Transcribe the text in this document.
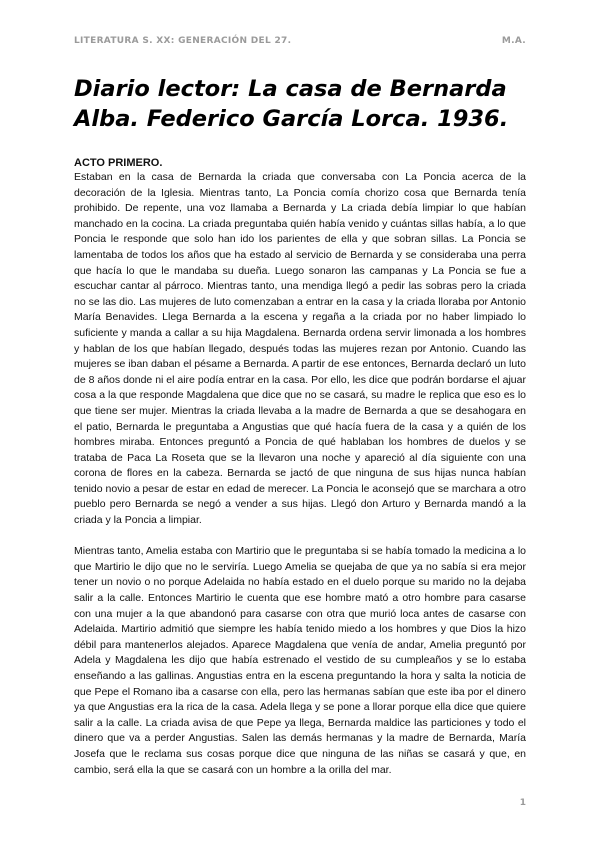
LITERATURA S. XX: GENERACIÓN DEL 27.	M.A.
Diario lector: La casa de Bernarda
Alba. Federico García Lorca. 1936.
ACTO PRIMERO.

Estaban en la casa de Bernarda la criada que conversaba con La Poncia acerca de la decoración de la Iglesia. Mientras tanto, La Poncia comía chorizo cosa que Bernarda tenía prohibido. De repente, una voz llamaba a Bernarda y La criada debía limpiar lo que habían manchado en la cocina. La criada preguntaba quién había venido y cuántas sillas había, a lo que Poncia le responde que solo han ido los parientes de ella y que sobran sillas. La Poncia se lamentaba de todos los años que ha estado al servicio de Bernarda y se consideraba una perra que hacía lo que le mandaba su dueña. Luego sonaron las campanas y La Poncia se fue a escuchar cantar al párroco. Mientras tanto, una mendiga llegó a pedir las sobras pero la criada no se las dio. Las mujeres de luto comenzaban a entrar en la casa y la criada lloraba por Antonio María Benavides. Llega Bernarda a la escena y regaña a la criada por no haber limpiado lo suficiente y manda a callar a su hija Magdalena. Bernarda ordena servir limonada a los hombres y hablan de los que habían llegado, después todas las mujeres rezan por Antonio. Cuando las mujeres se iban daban el pésame a Bernarda. A partir de ese entonces, Bernarda declaró un luto de 8 años donde ni el aire podía entrar en la casa. Por ello, les dice que podrán bordarse el ajuar cosa a la que responde Magdalena que dice que no se casará, su madre le replica que eso es lo que tiene ser mujer. Mientras la criada llevaba a la madre de Bernarda a que se desahogara en el patio, Bernarda le preguntaba a Angustias que qué hacía fuera de la casa y a quién de los hombres miraba. Entonces preguntó a Poncia de qué hablaban los hombres de duelos y se trataba de Paca La Roseta que se la llevaron una noche y apareció al día siguiente con una corona de flores en la cabeza. Bernarda se jactó de que ninguna de sus hijas nunca habían tenido novio a pesar de estar en edad de merecer. La Poncia le aconsejó que se marchara a otro pueblo pero Bernarda se negó a vender a sus hijas. Llegó don Arturo y Bernarda mandó a la criada y la Poncia a limpiar.

Mientras tanto, Amelia estaba con Martirio que le preguntaba si se había tomado la medicina a lo que Martirio le dijo que no le serviría. Luego Amelia se quejaba de que ya no sabía si era mejor tener un novio o no porque Adelaida no había estado en el duelo porque su marido no la dejaba salir a la calle. Entonces Martirio le cuenta que ese hombre mató a otro hombre para casarse con una mujer a la que abandonó para casarse con otra que murió loca antes de casarse con Adelaida. Martirio admitió que siempre les había tenido miedo a los hombres y que Dios la hizo débil para mantenerlos alejados. Aparece Magdalena que venía de andar, Amelia preguntó por Adela y Magdalena les dijo que había estrenado el vestido de su cumpleaños y se lo estaba enseñando a las gallinas. Angustias entra en la escena preguntando la hora y salta la noticia de que Pepe el Romano iba a casarse con ella, pero las hermanas sabían que este iba por el dinero ya que Angustias era la rica de la casa. Adela llega y se pone a llorar porque ella dice que quiere salir a la calle. La criada avisa de que Pepe ya llega, Bernarda maldice las particiones y todo el dinero que va a perder Angustias. Salen las demás hermanas y la madre de Bernarda, María Josefa que le reclama sus cosas porque dice que ninguna de las niñas se casará y que, en cambio, será ella la que se casará con un hombre a la orilla del mar.

1
